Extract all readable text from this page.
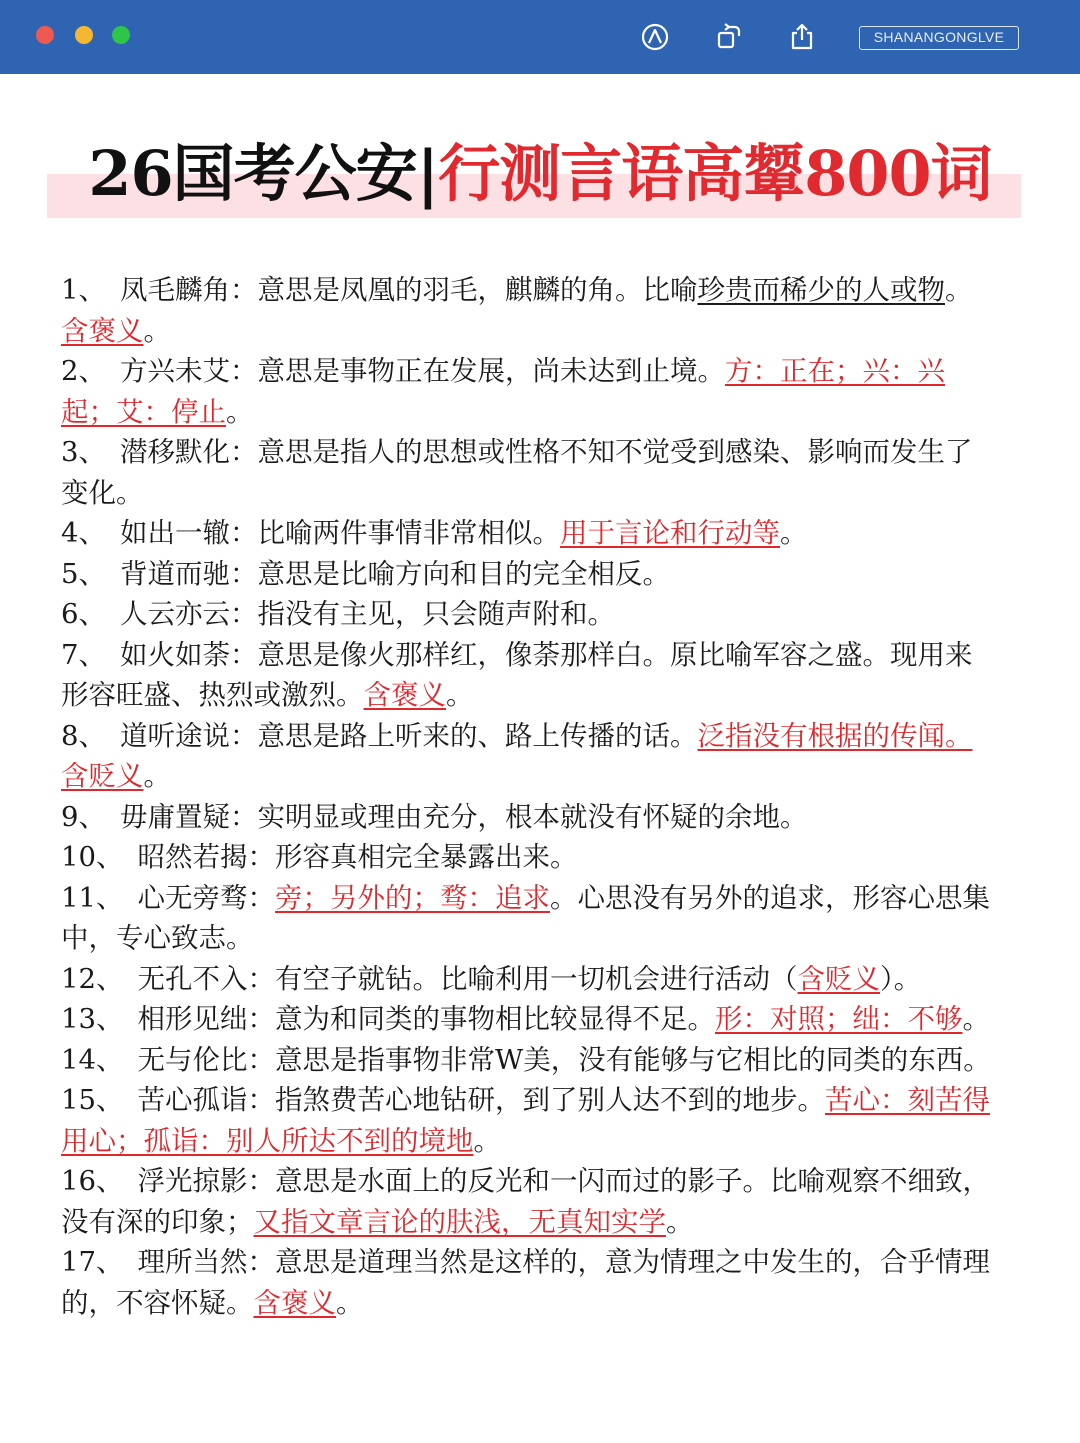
SHANANGONGLVE
26国考公安|行测言语高颦800词

1、 凤毛麟角：意思是凤凰的羽毛，麒麟的角。比喻珍贵而稀少的人或物。含褒义。

2、 方兴未艾：意思是事物正在发展，尚未达到止境。方：正在；兴：兴起；艾：停止。

3、 潜移默化：意思是指人的思想或性格不知不觉受到感染、影响而发生了变化。

4、 如出一辙：比喻两件事情非常相似。用于言论和行动等。

5、 背道而驰：意思是比喻方向和目的完全相反。

6、 人云亦云：指没有主见，只会随声附和。

7、 如火如荼：意思是像火那样红，像荼那样白。原比喻军容之盛。现用来形容旺盛、热烈或激烈。含褒义。

8、 道听途说：意思是路上听来的、路上传播的话。泛指没有根据的传闻。含贬义。

9、 毋庸置疑：实明显或理由充分，根本就没有怀疑的余地。

10、 昭然若揭：形容真相完全暴露出来。

11、 心无旁骛：旁；另外的；骛：追求。心思没有另外的追求，形容心思集中，专心致志。

12、 无孔不入：有空子就钻。比喻利用一切机会进行活动（含贬义）。

13、 相形见绌：意为和同类的事物相比较显得不足。形：对照；绌：不够。

14、 无与伦比：意思是指事物非常W美，没有能够与它相比的同类的东西。

15、 苦心孤诣：指煞费苦心地钻研，到了别人达不到的地步。苦心：刻苦得用心；孤诣：别人所达不到的境地。

16、 浮光掠影：意思是水面上的反光和一闪而过的影子。比喻观察不细致，没有深的印象；又指文章言论的肤浅，无真知实学。

17、 理所当然：意思是道理当然是这样的，意为情理之中发生的，合乎情理的，不容怀疑。含褒义。
